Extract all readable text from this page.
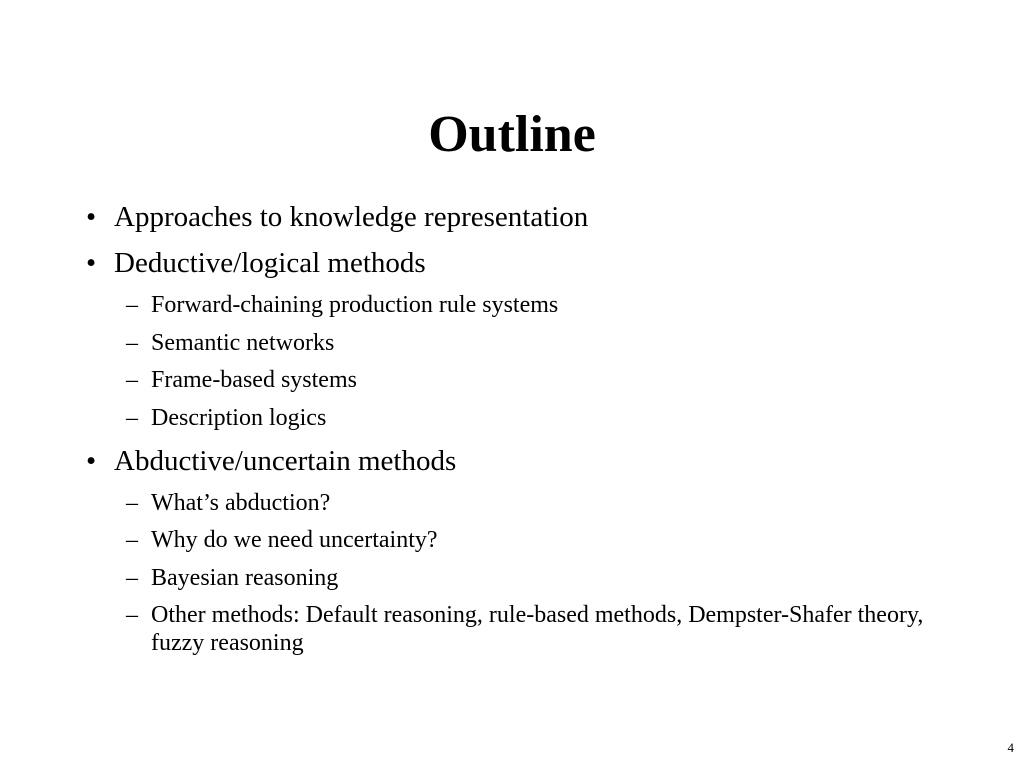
Outline
• Approaches to knowledge representation
• Deductive/logical methods
– Forward-chaining production rule systems
– Semantic networks
– Frame-based systems
– Description logics
• Abductive/uncertain methods
– What’s abduction?
– Why do we need uncertainty?
– Bayesian reasoning
– Other methods: Default reasoning, rule-based methods, Dempster-Shafer theory, fuzzy reasoning
4
